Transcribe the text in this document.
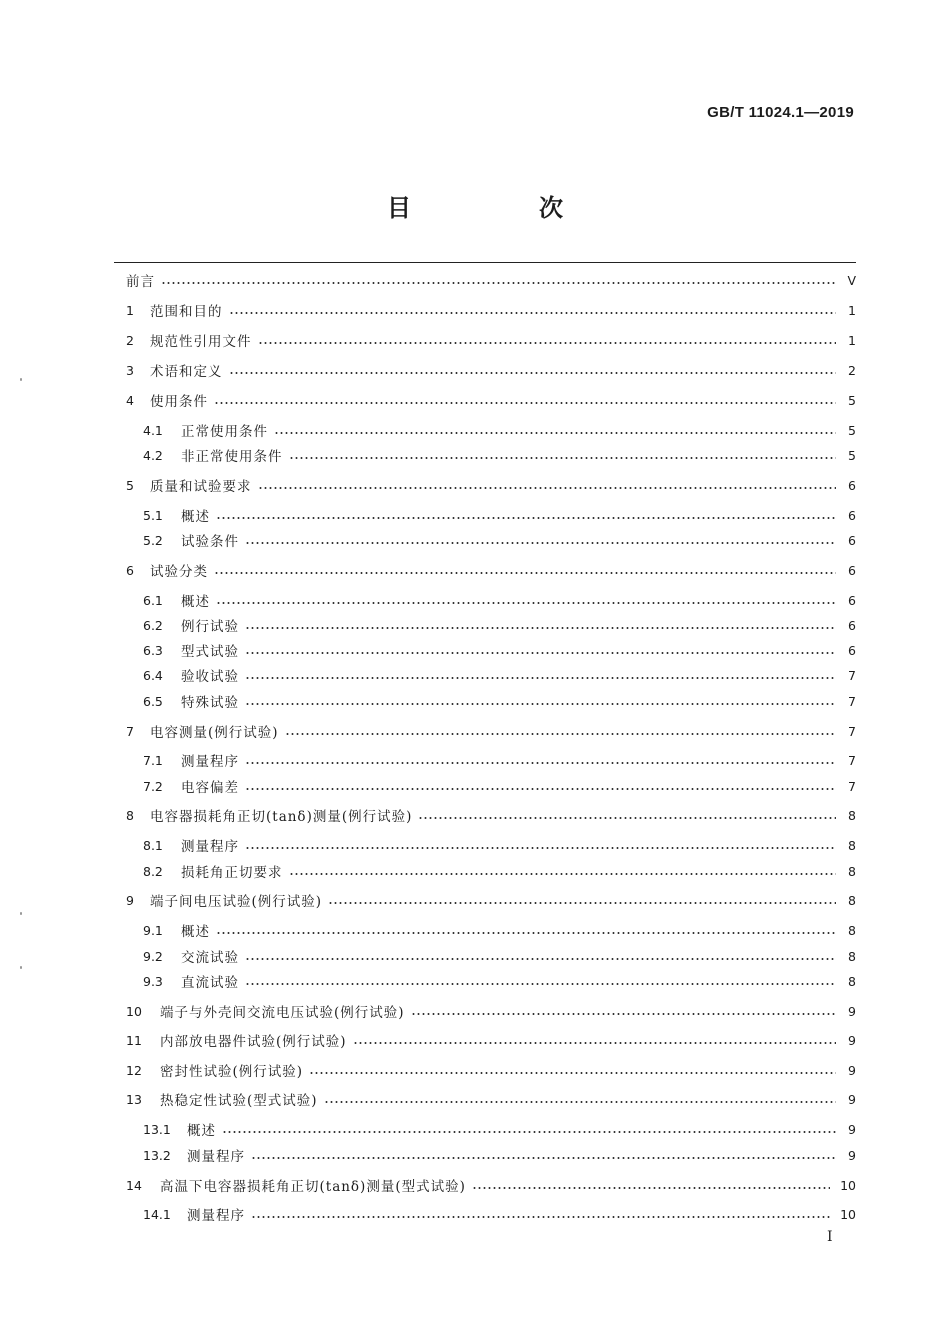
GB/T 11024.1—2019
目　次
前言	V
1	范围和目的	1
2	规范性引用文件	1
3	术语和定义	2
4	使用条件	5
4.1	正常使用条件	5
4.2	非正常使用条件	5
5	质量和试验要求	6
5.1	概述	6
5.2	试验条件	6
6	试验分类	6
6.1	概述	6
6.2	例行试验	6
6.3	型式试验	6
6.4	验收试验	7
6.5	特殊试验	7
7	电容测量(例行试验)	7
7.1	测量程序	7
7.2	电容偏差	7
8	电容器损耗角正切(tanδ)测量(例行试验)	8
8.1	测量程序	8
8.2	损耗角正切要求	8
9	端子间电压试验(例行试验)	8
9.1	概述	8
9.2	交流试验	8
9.3	直流试验	8
10	端子与外壳间交流电压试验(例行试验)	9
11	内部放电器件试验(例行试验)	9
12	密封性试验(例行试验)	9
13	热稳定性试验(型式试验)	9
13.1	概述	9
13.2	测量程序	9
14	高温下电容器损耗角正切(tanδ)测量(型式试验)	10
14.1	测量程序	10
I
